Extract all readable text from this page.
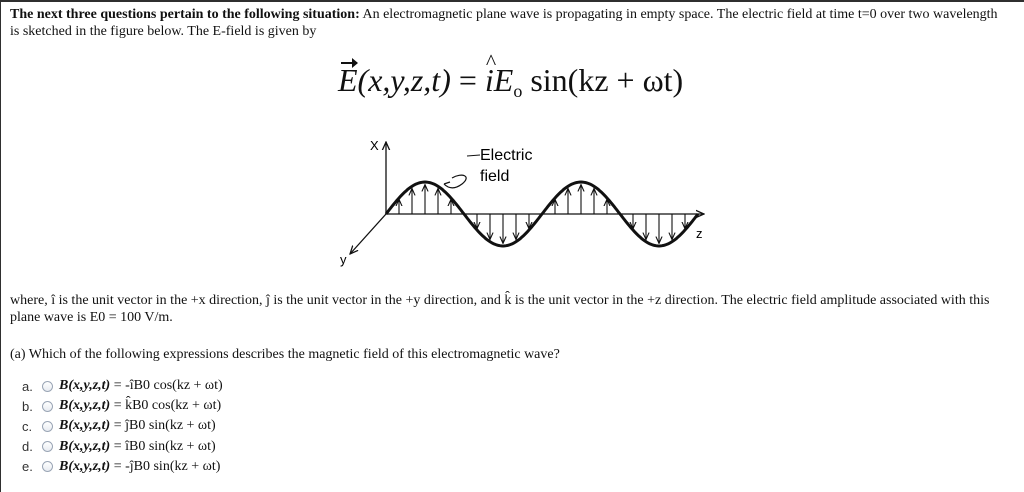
The next three questions pertain to the following situation: An electromagnetic plane wave is propagating in empty space. The electric field at time t=0 over two wavelength is sketched in the figure below. The E-field is given by
E(x,y,z,t) = ^ $iE_o$ sin(kz + ωt)
X
z
y
Electric
field
where, î is the unit vector in the +x direction, ĵ is the unit vector in the +y direction, and k̂ is the unit vector in the +z direction. The electric field amplitude associated with this plane wave is E0 = 100 V/m.
(a) Which of the following expressions describes the magnetic field of this electromagnetic wave?
a.	B(x,y,z,t) = -îB0 cos(kz + ωt)
b.	B(x,y,z,t) = k̂B0 cos(kz + ωt)
c.	B(x,y,z,t) = ĵB0 sin(kz + ωt)
d.	B(x,y,z,t) = îB0 sin(kz + ωt)
e.	B(x,y,z,t) = -ĵB0 sin(kz + ωt)
